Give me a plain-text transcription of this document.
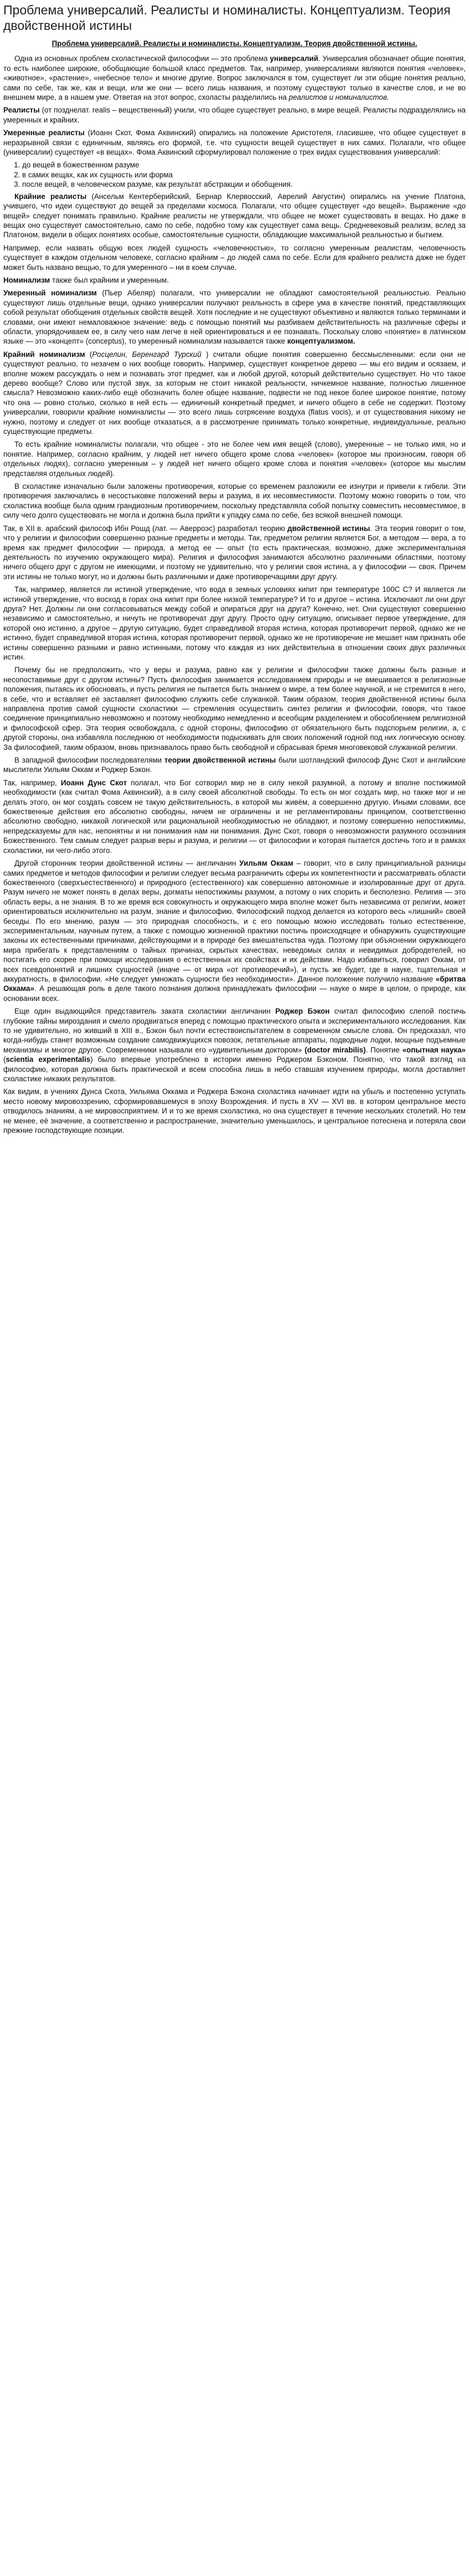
Проблема универсалий. Реалисты и номиналисты. Концептуализм. Теория двойственной истины
Проблема универсалий. Реалисты и номиналисты. Концептуализм. Теория двойственной истины.

Одна из основных проблем схоластической философии — это проблема универсалий. Универсалия обозначает общие понятия, то есть наиболее широкие, обобщающие большой класс предметов. Так, например, универсалиями являются понятия «человек», «животное», «растение», «небесное тело» и многие другие. Вопрос заключался в том, существует ли эти общие понятия реально, сами по себе, так же, как и вещи, или же они — всего лишь названия, и поэтому существуют только в качестве слов, и не во внешнем мире, а в нашем уме. Ответая на этот вопрос, схоласты разделились на реалистов и номиналистов.

Реалисты (от позднелат. realis – вещественный) учили, что общее существует реально, в мире вещей. Реалисты подразделялись на умеренных и крайних.

Умеренные реалисты (Иоанн Скот, Фома Аквинский) опирались на положение Аристотеля, гласившее, что общее существует в неразрывной связи с единичным, являясь его формой, т.е. что сущности вещей существует в них самих. Полагали, что общее (универсалии) существует «в вещах». Фома Аквинский сформулировал положение о трех видах существования универсалий:

1. до вещей в божественном разуме
2. в самих вещах, как их сущность или форма
3. после вещей, в человеческом разуме, как результат абстракции и обобщения.

Крайние реалисты (Ансельм Кентерберийский, Бернар Клервосский, Аврелий Августин) опирались на учение Платона, учившего, что идеи существуют до вещей за пределами космоса. Полагали, что общее существует «до вещей». Выражение «до вещей» следует понимать правильно. Крайние реалисты не утверждали, что общее не может существовать в вещах. Но даже в вещах оно существует самостоятельно, само по себе, подобно тому как существует сама вещь. Средневековый реализм, вслед за Платоном, видели в общих понятиях особые, самостоятельные сущности, обладающие максимальной реальностью и бытием.

Например, если назвать общую всех людей сущность «человечностью», то согласно умеренным реалистам, человечность существует в каждом отдельном человеке, согласно крайним – до людей сама по себе. Если для крайнего реалиста даже не будет может быть названо вещью, то для умеренного – ни в коем случае.

Номинализм также был крайним и умеренным.

Умеренный номинализм (Пьер Абеляр) полагали, что универсалии не обладают самостоятельной реальностью. Реально существуют лишь отдельные вещи, однако универсалии получают реальность в сфере ума в качестве понятий, представляющих собой результат обобщения отдельных свойств вещей. Хотя последние и не существуют объективно и являются только терминами и словами, они имеют немаловажное значение: ведь с помощью понятий мы разбиваем действительность на различные сферы и области, упорядочиваем ее, в силу чего нам легче в ней ориентироваться и ее познавать. Поскольку слово «понятие» в латинском языке — это «концепт» (conceptus), то умеренный номинализм называется также концептуализмом.

Крайний номинализм (Росцелин, Беренгард Турский ) считали общие понятия совершенно бессмысленными: если они не существуют реально, то незачем о них вообще говорить. Например, существует конкретное дерево — мы его видим и осязаем, и вполне можем рассуждать о нем и познавать этот предмет, как и любой другой, который действительно существует. Но что такое дерево вообще? Слово или пустой звук, за которым не стоит никакой реальности, ничкемное название, полностью лишенное смысла? Невозможно каких-либо ещё обозначить более общее название, подвести не под некое более широкое понятие, потому что она — ровно столько, сколько в ней есть — единичный конкретный предмет, и ничего общего в себе не содержит. Поэтому универсалии, говорили крайние номиналисты — это всего лишь сотрясение воздуха (flatus vocis), и от существования никому не нужно, поэтому и следует от них вообще отказаться, а в рассмотрение принимать только конкретные, индивидуальные, реально существующие предметы.

То есть крайние номиналисты полагали, что общее - это не более чем имя вещей (слово), умеренные – не только имя, но и понятие. Например, согласно крайним, у людей нет ничего общего кроме слова «человек» (которое мы произносим, говоря об отдельных людях), согласно умеренным – у людей нет ничего общего кроме слова и понятия «человек» (которое мы мыслим представляя отдельных людей).

В схоластике изначально были заложены противоречия, которые со временем разложили ее изнутри и привели к гибели. Эти противоречия заключались в несостыковке положений веры и разума, в их несовместимости. Поэтому можно говорить о том, что схоластика вообще была одним грандиозным противоречием, поскольку представляла собой попытку совместить несовместимое, в силу чего долго существовать не могла и должна была прийти к упадку сама по себе, без всякой внешней помощи.

Так, в XII в. арабский философ Ибн Рошд (лат. — Аверроэс) разработал теорию двойственной истины. Эта теория говорит о том, что у религии и философии совершенно разные предметы и методы. Так, предметом религии является Бог, а методом — вера, а то время как предмет философии — природа, а метод ее — опыт (то есть практическая, возможно, даже экспериментальная деятельность по изучению окружающего мира). Религия и философия занимаются абсолютно различными областями, поэтому ничего общего друг с другом не имеющими, и поэтому не удивительно, что у религии своя истина, а у философии — своя. Причем эти истины не только могут, но и должны быть различными и даже противоречащими друг другу.

Так, например, является ли истиной утверждение, что вода в земных условиях кипит при температуре 100С С? И является ли истиной утверждение, что восход в горах она кипит при более низкой температуре? И то и другое – истина. Исключают ли они друг друга? Нет. Должны ли они согласовываться между собой и опираться друг на друга? Конечно, нет. Они существуют совершенно независимо и самостоятельно, и ничуть не противоречат друг другу. Просто одну ситуацию, описывает первое утверждение, для которой оно истинно, а другое – другую ситуацию, будет справедливой вторая истина, которая противоречит первой, однако же не истинно, будет справедливой вторая истина, которая противоречит первой, однако же не противоречие не мешает нам признать обе истины совершенно разными и равно истинными, потому что каждая из них действительна в отношении своих двух различных истин.

Почему бы не предположить, что у веры и разума, равно как у религии и философии также должны быть разные и несопоставимые друг с другом истины? Пусть философия занимается исследованием природы и не вмешивается в религиозные положения, пытаясь их обосновать, и пусть религия не пытается быть знанием о мире, а тем более научной, и не стремится в него, в себе, что и вставляет её заставляет философию служить себе служанкой. Таким образом, теория двойственной истины была направлена против самой сущности схоластики — стремления осуществить синтез религии и философии, говоря, что такое соединение принципиально невозможно и поэтому необходимо немедленно и всеобщим разделением и обособлением религиозной и философской сфер. Эта теория освобождала, с одной стороны, философию от обязательного быть подспорьем религии, а, с другой стороны, она избавляла последнюю от необходимости подыскивать для своих положений годной под них логическую основу. За философией, таким образом, вновь признавалось право быть свободной и сбрасывая бремя многовековой служанкой религии.

В западной философии последователями теории двойственной истины были шотландский философ Дунс Скот и английские мыслители Уильям Оккам и Роджер Бэкон.

Так, например, Иоанн Дунс Скот полагал, что Бог сотворил мир не в силу некой разумной, а потому и вполне постижимой необходимости (как считал Фома Аквинский), а в силу своей абсолютной свободы. То есть он мог создать мир, но также мог и не делать этого, он мог создать совсем не такую действительность, в которой мы живём, а совершенно другую. Иными словами, все божественные действия его абсолютно свободны, ничем не ограничены и не регламентированы принципом, соответственно абсолютно свободно, никакой логической или рациональной необходимостью не обладают, и поэтому совершенно непостижимы, непредсказуемы для нас, непонятны и ни понимания нам ни понимания. Дунс Скот, говоря о невозможности разумного осознания Божественного. Тем самым следует разрыв веры и разума, и религии — от философии и которая пытается достичь того и в рамках схоластики, ни чего-либо этого.

Другой сторонник теории двойственной истины — англичанин Уильям Оккам – говорит, что в силу принципиальной разницы самих предметов и методов философии и религии следует весьма разграничить сферы их компетентности и рассматривать области божественного (сверхъестественного) и природного (естественного) как совершенно автономные и изолированные друг от друга. Разум ничего не может понять в делах веры, догматы непостижимы разумом, а потому о них спорить и бесполезно. Религия — это область веры, а не знания. В то же время вся совокупность и окружающего мира вполне может быть независима от религии, может ориентироваться исключительно на разум, знание и философию. Философский подход делается из которого весь «лишний» своей беседы. По его мнению, разум — это природная способность, и с его помощью можно исследовать только естественное, экспериментальным, научным путем, а также с помощью жизненной практики постичь происходящее и обнаружить существующие законы их естественными причинами, действующими и в природе без вмешательства чуда. Поэтому при объяснении окружающего мира прибегать к представлениям о тайных причинах, скрытых качествах, неведомых силах и невидимых добродетелей, но постигать его скорее при помощи исследования о естественных их свойствах и их действии. Надо избавиться, говорил Оккам, от всех псевдопонятий и лишних сущностей (иначе — от мира «от противоречий»), и пусть же будет, где в науке, тщательная и аккуратность, в философии. «Не следует умножать сущности без необходимости». Данное положение получило название «бритва Оккама». А решающая роль в деле такого познания должна принадлежать философии — науке о мире в целом, о природе, как основании всех.

Еще один выдающийся представитель заката схоластики англичанин Роджер Бэкон считал философию слепой постичь глубокие тайны мироздания и смело продвигаться вперед с помощью практического опыта и экспериментального исследования. Как то не удивительно, но живший в XIII в., Бэкон был почти естествоиспытателем в современном смысле слова. Он предсказал, что когда-нибудь станет возможным созданиe самодвижущихся повозок, летательные аппараты, подводные лодки, мощные подъемные механизмы и многое другое. Современники называли его «удивительным доктором» (doctor mirabilis). Понятие «опытная наука» (scientia experimentalis) было впервые употреблено в истории именно Роджером Бэконом. Понятно, что такой взгляд на философию, которая должна быть практической и всем способна лишь в небо ставшая изучением природы, могла доставляет схоластике никаких результатов.

Как видим, в учениях Дунса Скота, Уильяма Оккама и Роджера Бэкона схоластика начинает идти на убыль и постепенно уступать место новому мировоззрению, сформировавшемуся в эпоху Возрождения. И пусть в XV — XVI вв. в котором центральное место отводилось знаниям, а не мировосприятием. И и то же время схоластика, но она существует в течение нескольких столетий. Но тем не менее, её значение, а соответственно и распространение, значительно уменьшилось, и центральное потеснена и потеряла свои прежние господствующие позиции.
